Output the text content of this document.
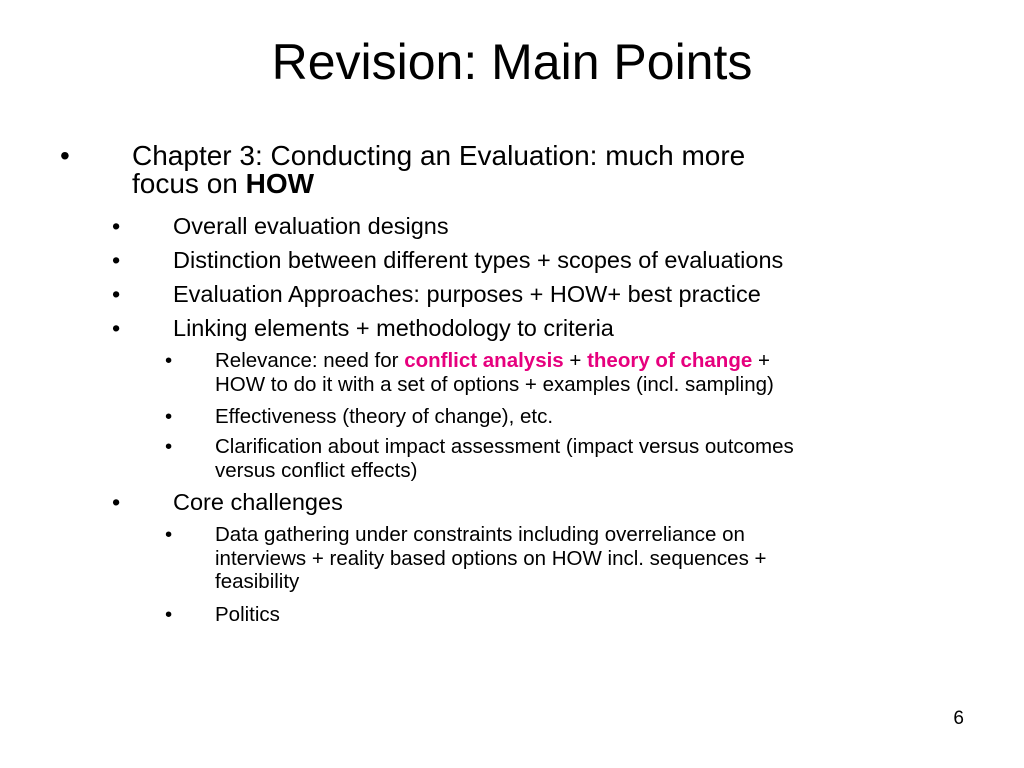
Revision: Main Points
•	Chapter 3: Conducting an Evaluation: much more
focus on HOW
•	Overall evaluation designs
•	Distinction between different types + scopes of evaluations
•	Evaluation Approaches: purposes + HOW+ best practice
•	Linking elements + methodology to criteria
•	Relevance: need for conflict analysis + theory of change +
HOW to do it with a set of options + examples (incl. sampling)
•	Effectiveness (theory of change), etc.
•	Clarification about impact assessment (impact versus outcomes
versus conflict effects)
•	Core challenges
•	Data gathering under constraints including overreliance on
interviews + reality based options on HOW incl. sequences +
feasibility
•	Politics
6
